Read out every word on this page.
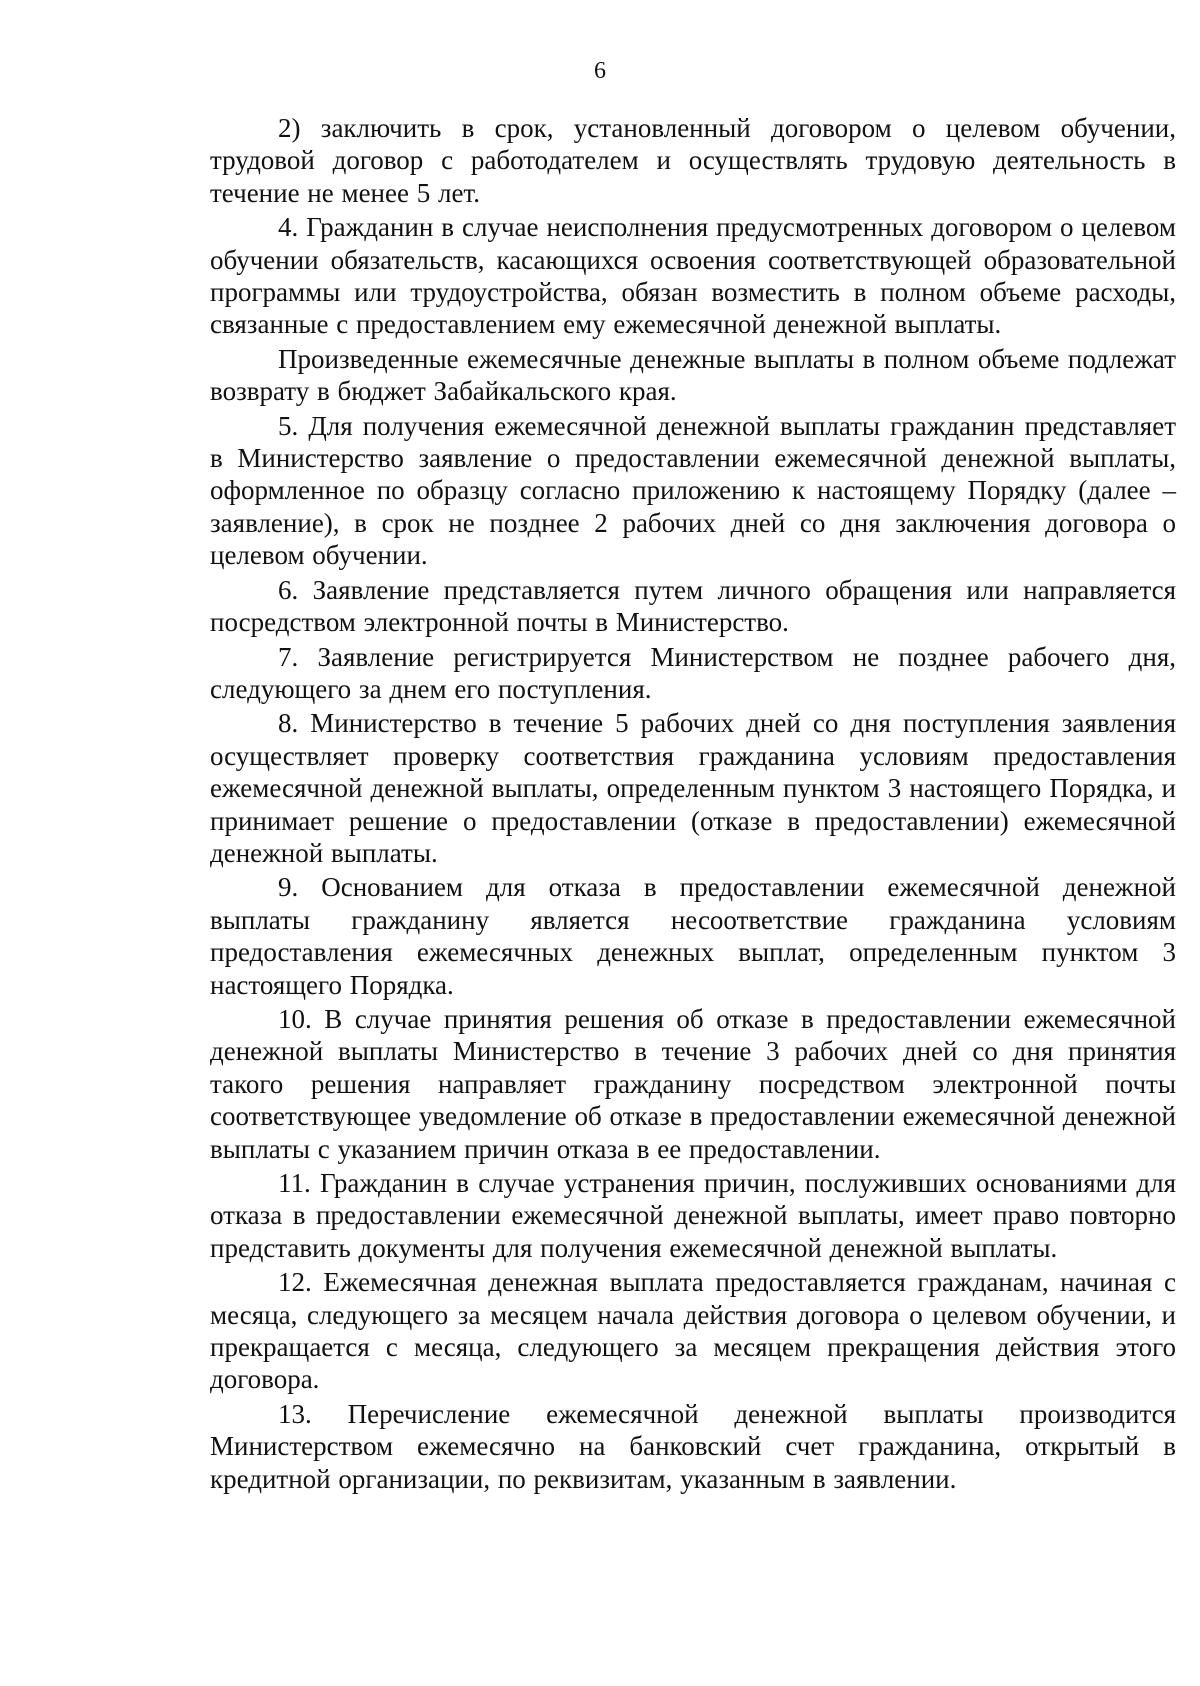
6

2) заключить в срок, установленный договором о целевом обучении, трудовой договор с работодателем и осуществлять трудовую деятельность в течение не менее 5 лет.

4. Гражданин в случае неисполнения предусмотренных договором о целевом обучении обязательств, касающихся освоения соответствующей образовательной программы или трудоустройства, обязан возместить в полном объеме расходы, связанные с предоставлением ему ежемесячной денежной выплаты.

Произведенные ежемесячные денежные выплаты в полном объеме подлежат возврату в бюджет Забайкальского края.

5. Для получения ежемесячной денежной выплаты гражданин представляет в Министерство заявление о предоставлении ежемесячной денежной выплаты, оформленное по образцу согласно приложению к настоящему Порядку (далее – заявление), в срок не позднее 2 рабочих дней со дня заключения договора о целевом обучении.

6. Заявление представляется путем личного обращения или направляется посредством электронной почты в Министерство.

7. Заявление регистрируется Министерством не позднее рабочего дня, следующего за днем его поступления.

8. Министерство в течение 5 рабочих дней со дня поступления заявления осуществляет проверку соответствия гражданина условиям предоставления ежемесячной денежной выплаты, определенным пунктом 3 настоящего Порядка, и принимает решение о предоставлении (отказе в предоставлении) ежемесячной денежной выплаты.

9. Основанием для отказа в предоставлении ежемесячной денежной выплаты гражданину является несоответствие гражданина условиям предоставления ежемесячных денежных выплат, определенным пунктом 3 настоящего Порядка.

10. В случае принятия решения об отказе в предоставлении ежемесячной денежной выплаты Министерство в течение 3 рабочих дней со дня принятия такого решения направляет гражданину посредством электронной почты соответствующее уведомление об отказе в предоставлении ежемесячной денежной выплаты с указанием причин отказа в ее предоставлении.

11. Гражданин в случае устранения причин, послуживших основаниями для отказа в предоставлении ежемесячной денежной выплаты, имеет право повторно представить документы для получения ежемесячной денежной выплаты.

12. Ежемесячная денежная выплата предоставляется гражданам, начиная с месяца, следующего за месяцем начала действия договора о целевом обучении, и прекращается с месяца, следующего за месяцем прекращения действия этого договора.

13. Перечисление ежемесячной денежной выплаты производится Министерством ежемесячно на банковский счет гражданина, открытый в кредитной организации, по реквизитам, указанным в заявлении.
